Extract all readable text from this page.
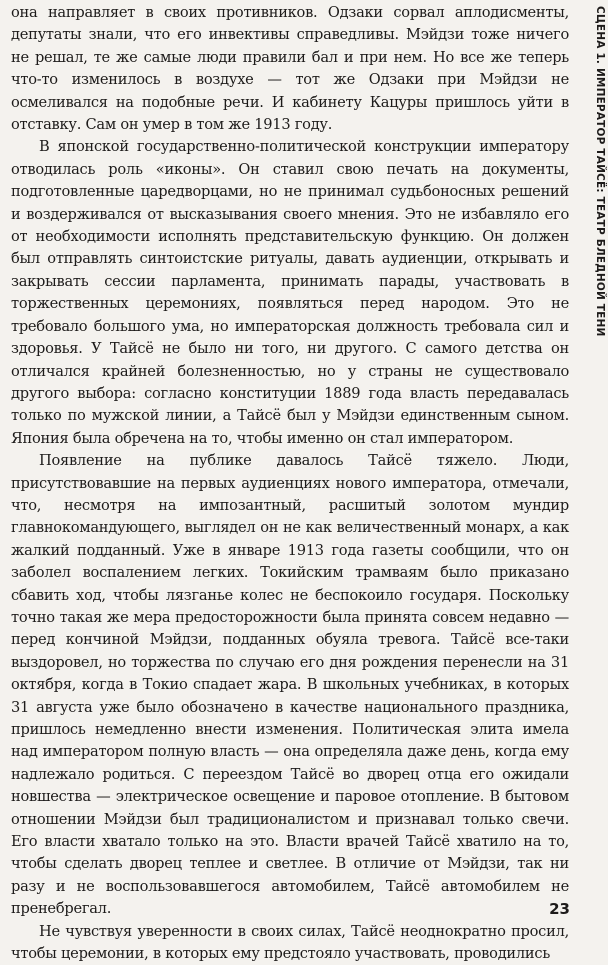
она направляет в своих противников. Одзаки сорвал аплодисменты, депутаты знали, что его инвективы справедливы. Мэйдзи тоже ничего не решал, те же самые люди правили бал и при нем. Но все же теперь что-то изменилось в воздухе — тот же Одзаки при Мэйдзи не осмеливался на подобные речи. И кабинету Кацуры пришлось уйти в отставку. Сам он умер в том же 1913 году.

В японской государственно-политической конструкции императору отводилась роль «иконы». Он ставил свою печать на документы, подготовленные царедворцами, но не принимал судьбоносных решений и воздерживался от высказывания своего мнения. Это не избавляло его от необходимости исполнять представительскую функцию. Он должен был отправлять синтоистские ритуалы, давать аудиенции, открывать и закрывать сессии парламента, принимать парады, участвовать в торжественных церемониях, появляться перед народом. Это не требовало большого ума, но императорская должность требовала сил и здоровья. У Тайсё не было ни того, ни другого. С самого детства он отличался крайней болезненностью, но у страны не существовало другого выбора: согласно конституции 1889 года власть передавалась только по мужской линии, а Тайсё был у Мэйдзи единственным сыном. Япония была обречена на то, чтобы именно он стал императором.

Появление на публике давалось Тайсё тяжело. Люди, присутствовавшие на первых аудиенциях нового императора, отмечали, что, несмотря на импозантный, расшитый золотом мундир главнокомандующего, выглядел он не как величественный монарх, а как жалкий подданный. Уже в январе 1913 года газеты сообщили, что он заболел воспалением легких. Токийским трамваям было приказано сбавить ход, чтобы лязганье колес не беспокоило государя. Поскольку точно такая же мера предосторожности была принята совсем недавно — перед кончиной Мэйдзи, подданных обуяла тревога. Тайсё все-таки выздоровел, но торжества по случаю его дня рождения перенесли на 31 октября, когда в Токио спадает жара. В школьных учебниках, в которых 31 августа уже было обозначено в качестве национального праздника, пришлось немедленно внести изменения. Политическая элита имела над императором полную власть — она определяла даже день, когда ему надлежало родиться. С переездом Тайсё во дворец отца его ожидали новшества — электрическое освещение и паровое отопление. В бытовом отношении Мэйдзи был традиционалистом и признавал только свечи. Его власти хватало только на это. Власти врачей Тайсё хватило на то, чтобы сделать дворец теплее и светлее. В отличие от Мэйдзи, так ни разу и не воспользовавшегося автомобилем, Тайсё автомобилем не пренебрегал.

Не чувствуя уверенности в своих силах, Тайсё неоднократно просил, чтобы церемонии, в которых ему предстояло участвовать, проводились

СЦЕНА 1. ИМПЕРАТОР ТАЙСЁ: ТЕАТР БЛЕДНОЙ ТЕНИ
23
